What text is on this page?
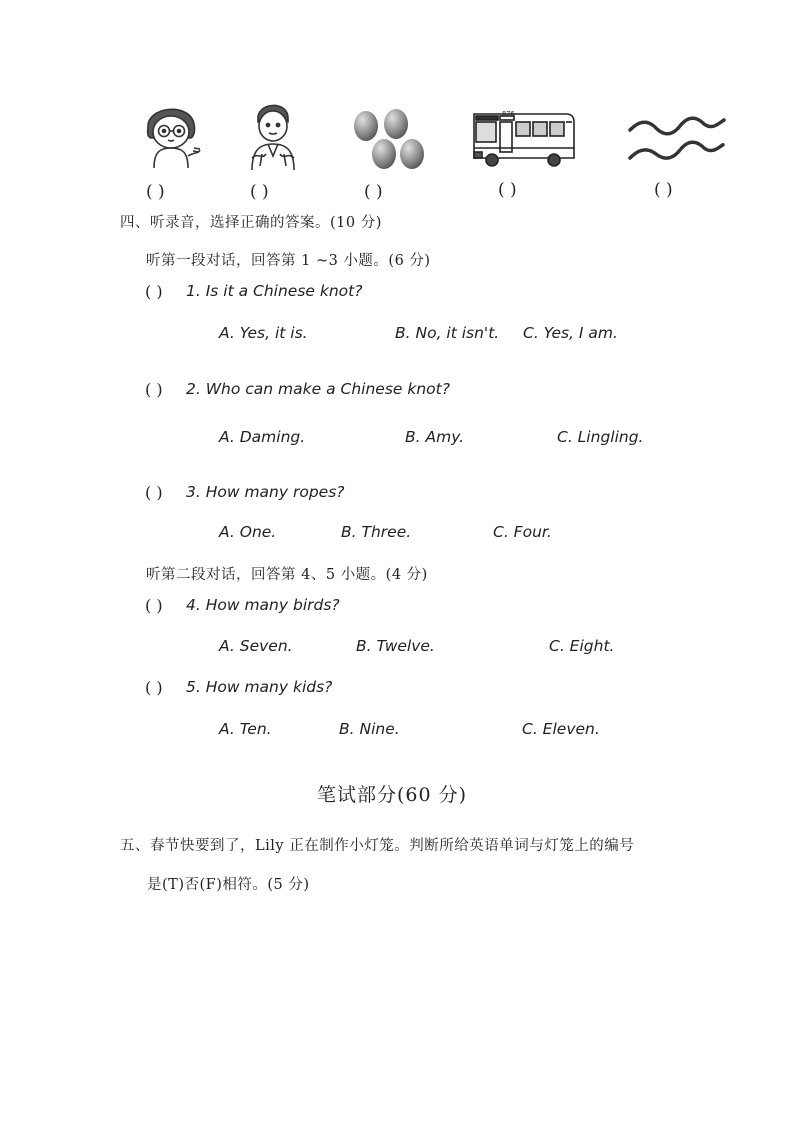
( )	( )	( )
876
( )	( )
四、听录音，选择正确的答案。(10 分)
听第一段对话，回答第 1 ~3 小题。(6 分)
( ) 1. Is it a Chinese knot?
A. Yes, it is.	B. No, it isn't. C. Yes, I am.
( ) 2. Who can make a Chinese knot?
A. Daming.	B. Amy.	C. Lingling.
( ) 3. How many ropes?
A. One.	B. Three.	C. Four.
听第二段对话，回答第 4、5 小题。(4 分)
( ) 4. How many birds?
A. Seven.	B. Twelve.	C. Eight.
( ) 5. How many kids?
A. Ten.	B. Nine.	C. Eleven.
笔试部分(60 分)
五、春节快要到了，Lily 正在制作小灯笼。判断所给英语单词与灯笼上的编号
是(T)否(F)相符。(5 分)
